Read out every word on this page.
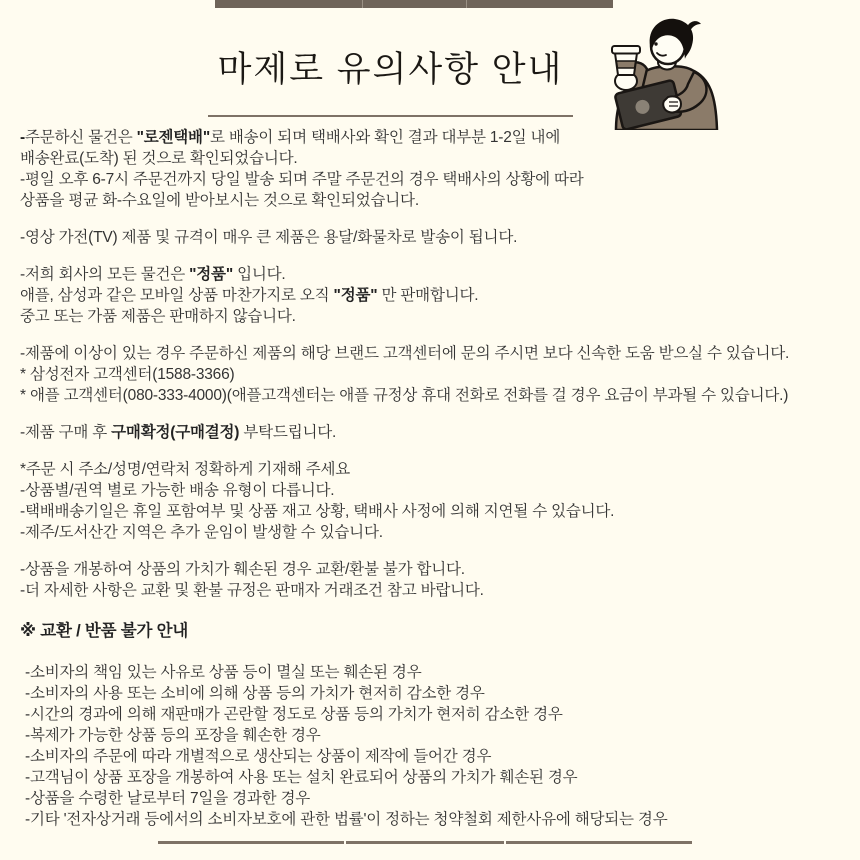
마제로 유의사항 안내
-주문하신 물건은 "로젠택배"로 배송이 되며 택배사와 확인 결과 대부분 1-2일 내에
배송완료(도착) 된 것으로 확인되었습니다.
-평일 오후 6-7시 주문건까지 당일 발송 되며 주말 주문건의 경우 택배사의 상황에 따라
상품을 평균 화-수요일에 받아보시는 것으로 확인되었습니다.
-영상 가전(TV) 제품 및 규격이 매우 큰 제품은 용달/화물차로 발송이 됩니다.
-저희 회사의 모든 물건은 "정품" 입니다.
애플, 삼성과 같은 모바일 상품 마찬가지로 오직 "정품" 만 판매합니다.
중고 또는 가품 제품은 판매하지 않습니다.
-제품에 이상이 있는 경우 주문하신 제품의 해당 브랜드 고객센터에 문의 주시면 보다 신속한 도움 받으실 수 있습니다.
* 삼성전자 고객센터(1588-3366)
* 애플 고객센터(080-333-4000)(애플고객센터는 애플 규정상 휴대 전화로 전화를 걸 경우 요금이 부과될 수 있습니다.)
-제품 구매 후 구매확정(구매결정) 부탁드립니다.
*주문 시 주소/성명/연락처 정확하게 기재해 주세요
-상품별/권역 별로 가능한 배송 유형이 다릅니다.
-택배배송기일은 휴일 포함여부 및 상품 재고 상황, 택배사 사정에 의해 지연될 수 있습니다.
-제주/도서산간 지역은 추가 운임이 발생할 수 있습니다.
-상품을 개봉하여 상품의 가치가 훼손된 경우 교환/환불 불가 합니다.
-더 자세한 사항은 교환 및 환불 규정은 판매자 거래조건 참고 바랍니다.
※ 교환 / 반품 불가 안내
-소비자의 책임 있는 사유로 상품 등이 멸실 또는 훼손된 경우
-소비자의 사용 또는 소비에 의해 상품 등의 가치가 현저히 감소한 경우
-시간의 경과에 의해 재판매가 곤란할 정도로 상품 등의 가치가 현저히 감소한 경우
-복제가 가능한 상품 등의 포장을 훼손한 경우
-소비자의 주문에 따라 개별적으로 생산되는 상품이 제작에 들어간 경우
-고객님이 상품 포장을 개봉하여 사용 또는 설치 완료되어 상품의 가치가 훼손된 경우
-상품을 수령한 날로부터 7일을 경과한 경우
-기타 '전자상거래 등에서의 소비자보호에 관한 법률'이 정하는 청약철회 제한사유에 해당되는 경우
